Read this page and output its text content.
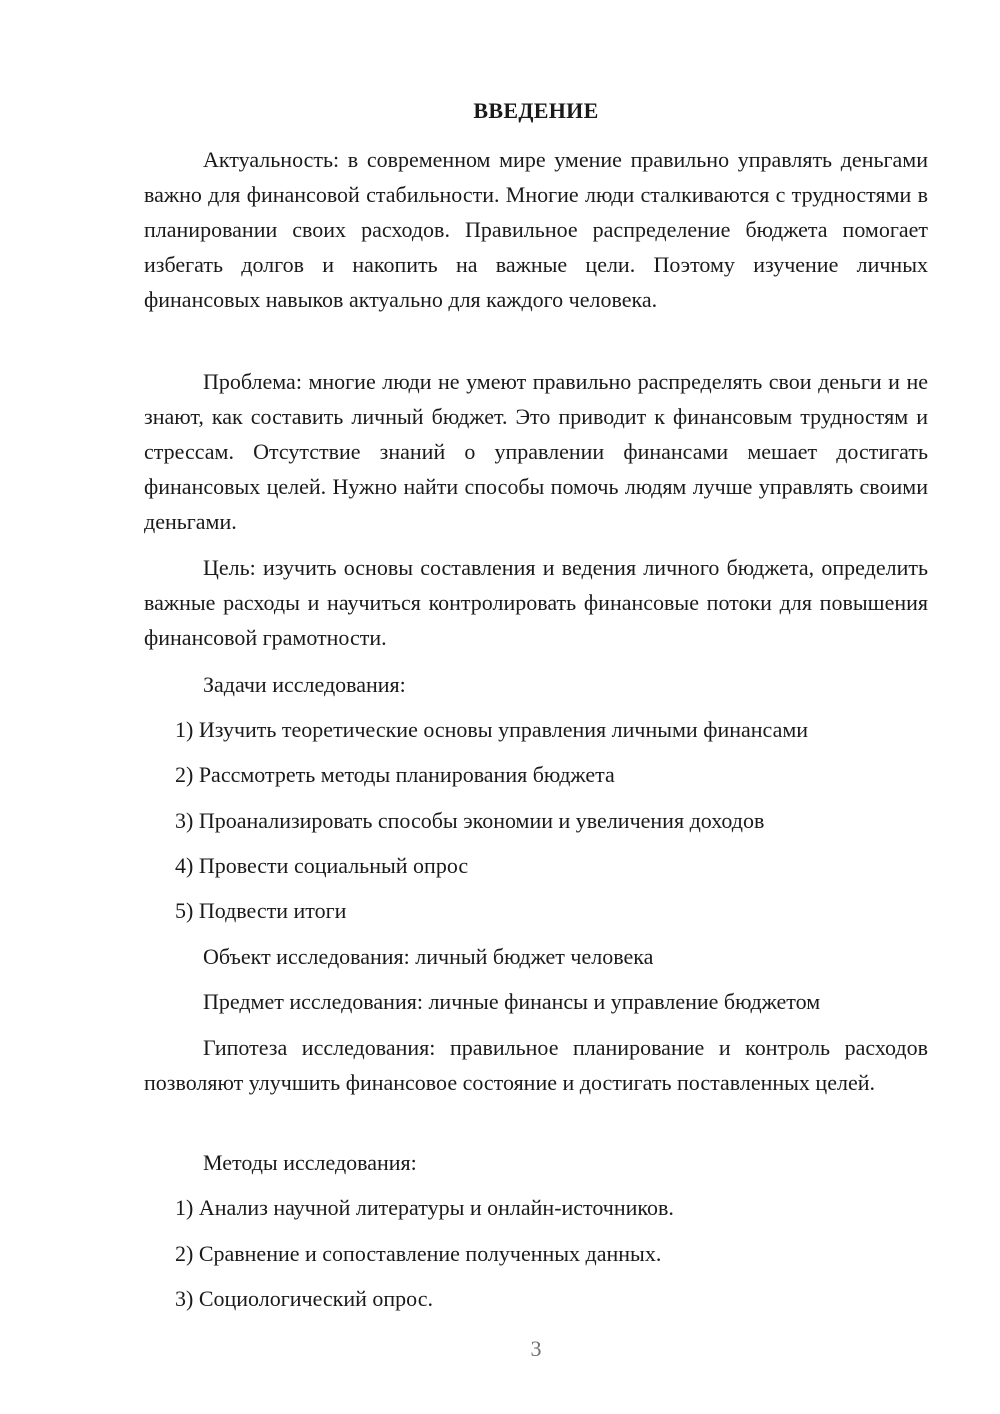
ВВЕДЕНИЕ

Актуальность: в современном мире умение правильно управлять деньгами важно для финансовой стабильности. Многие люди сталкиваются с трудностями в планировании своих расходов. Правильное распределение бюджета помогает избегать долгов и накопить на важные цели. Поэтому изучение личных финансовых навыков актуально для каждого человека.

Проблема: многие люди не умеют правильно распределять свои деньги и не знают, как составить личный бюджет. Это приводит к финансовым трудностям и стрессам. Отсутствие знаний о управлении финансами мешает достигать финансовых целей. Нужно найти способы помочь людям лучше управлять своими деньгами.

Цель: изучить основы составления и ведения личного бюджета, определить важные расходы и научиться контролировать финансовые потоки для повышения финансовой грамотности.

Задачи исследования:

1) Изучить теоретические основы управления личными финансами

2) Рассмотреть методы планирования бюджета

3) Проанализировать способы экономии и увеличения доходов

4) Провести социальный опрос

5) Подвести итоги

Объект исследования: личный бюджет человека

Предмет исследования: личные финансы и управление бюджетом

Гипотеза исследования: правильное планирование и контроль расходов позволяют улучшить финансовое состояние и достигать поставленных целей.

Методы исследования:

1) Анализ научной литературы и онлайн-источников.

2) Сравнение и сопоставление полученных данных.

3) Социологический опрос.

3
